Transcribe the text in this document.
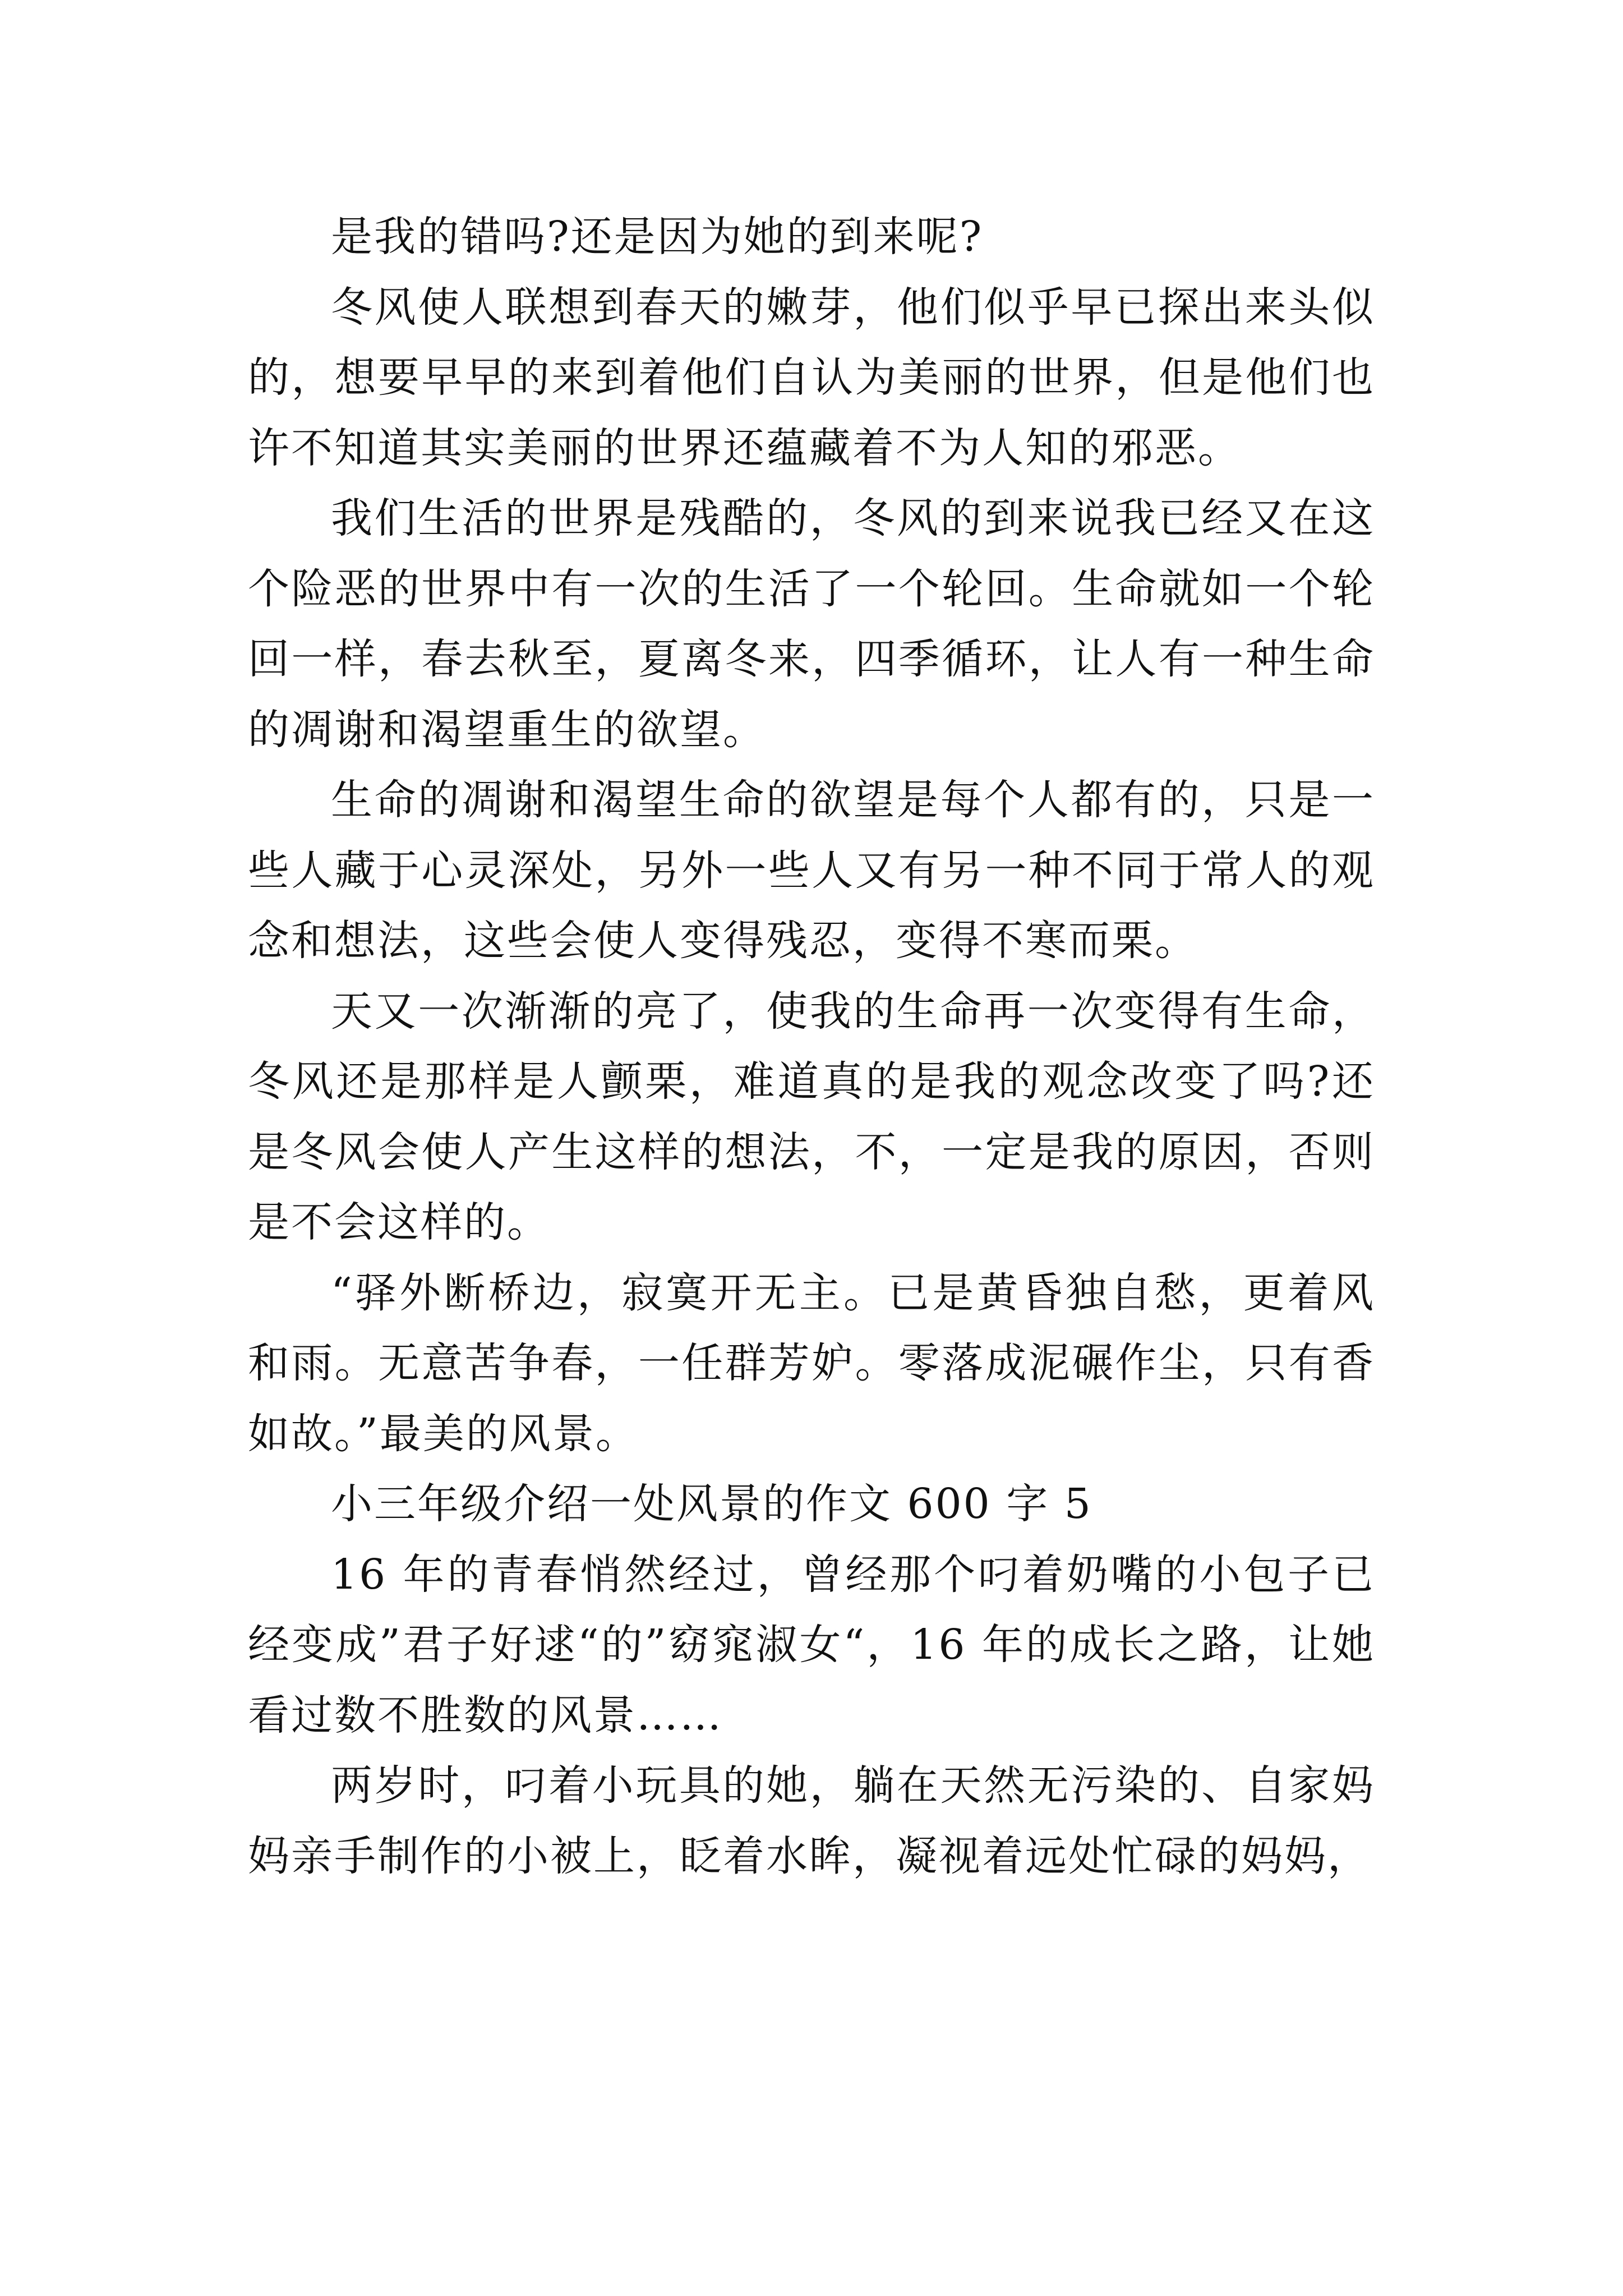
是我的错吗?还是因为她的到来呢?

冬风使人联想到春天的嫩芽，他们似乎早已探出来头似的，想要早早的来到着他们自认为美丽的世界，但是他们也许不知道其实美丽的世界还蕴藏着不为人知的邪恶。

我们生活的世界是残酷的，冬风的到来说我已经又在这个险恶的世界中有一次的生活了一个轮回。生命就如一个轮回一样，春去秋至，夏离冬来，四季循环，让人有一种生命的凋谢和渴望重生的欲望。

生命的凋谢和渴望生命的欲望是每个人都有的，只是一些人藏于心灵深处，另外一些人又有另一种不同于常人的观念和想法，这些会使人变得残忍，变得不寒而栗。

天又一次渐渐的亮了，使我的生命再一次变得有生命，冬风还是那样是人颤栗，难道真的是我的观念改变了吗?还是冬风会使人产生这样的想法，不，一定是我的原因，否则是不会这样的。

“驿外断桥边，寂寞开无主。已是黄昏独自愁，更着风和雨。无意苦争春，一任群芳妒。零落成泥碾作尘，只有香如故。”最美的风景。

小三年级介绍一处风景的作文 600 字 5

16 年的青春悄然经过，曾经那个叼着奶嘴的小包子已经变成”君子好逑“的”窈窕淑女“，16 年的成长之路，让她看过数不胜数的风景……

两岁时，叼着小玩具的她，躺在天然无污染的、自家妈妈亲手制作的小被上，眨着水眸，凝视着远处忙碌的妈妈，
